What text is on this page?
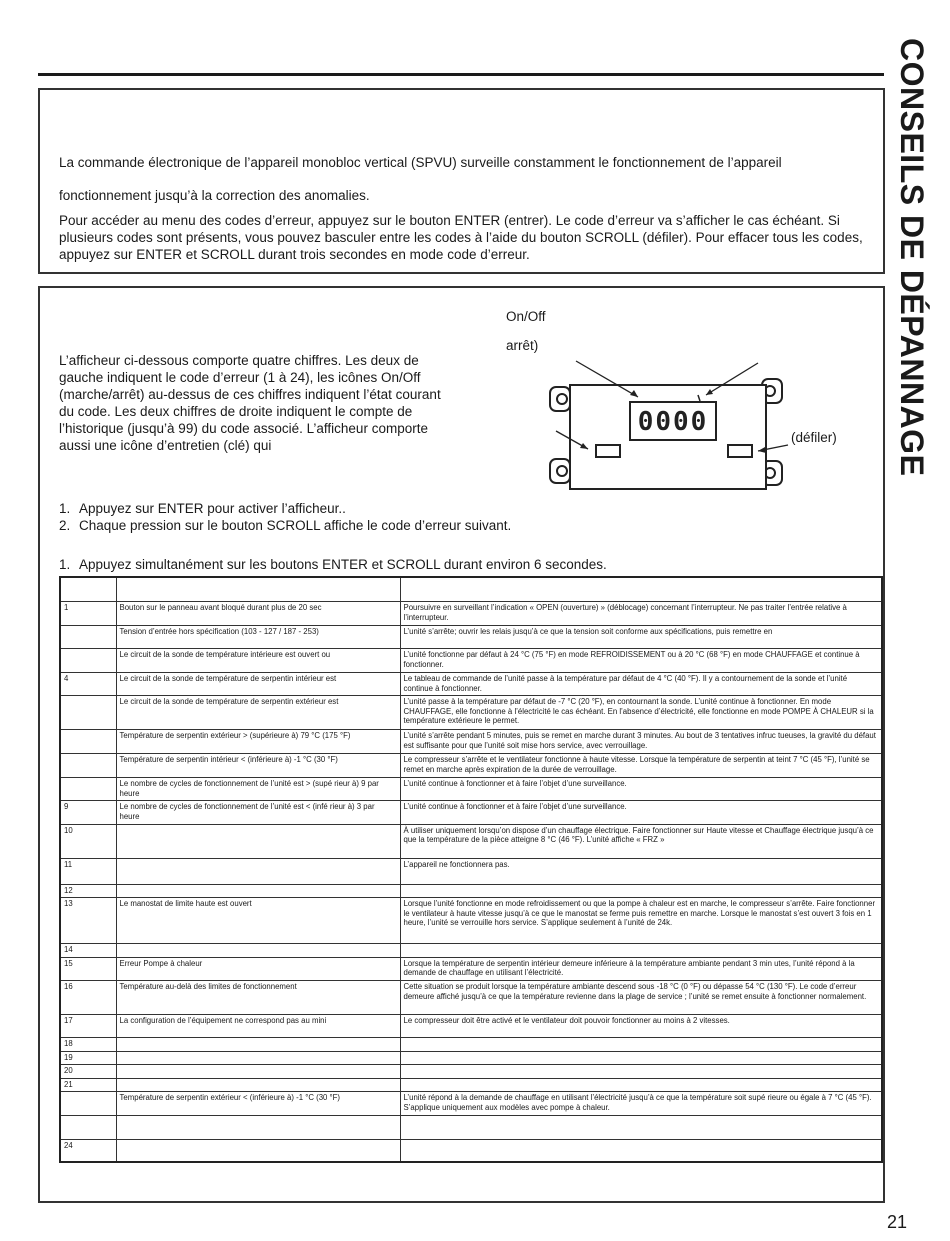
CONSEILS DE DÉPANNAGE

La commande électronique de l’appareil monobloc vertical (SPVU) surveille constamment le fonctionnement de l’appareil

fonctionnement jusqu’à la correction des anomalies.

Pour accéder au menu des codes d’erreur, appuyez sur le bouton ENTER (entrer). Le code d’erreur va s’afficher le cas échéant. Si plusieurs codes sont présents, vous pouvez basculer entre les codes à l’aide du bouton SCROLL (défiler). Pour effacer tous les codes, appuyez sur ENTER et SCROLL durant trois secondes en mode code d’erreur.

L’afficheur ci-dessous comporte quatre chiffres. Les deux de gauche indiquent le code d’erreur (1 à 24), les icônes On/Off (marche/arrêt) au-dessus de ces chiffres indiquent l’état courant du code. Les deux chiffres de droite indiquent le compte de l’historique (jusqu’à 99) du code associé. L’afficheur comporte aussi une icône d’entretien (clé) qui

On/Off
arrêt)
(défiler)
0000
1. Appuyez sur ENTER pour activer l’afficheur..
2. Chaque pression sur le bouton SCROLL affiche le code d’erreur suivant.
1. Appuyez simultanément sur les boutons ENTER et SCROLL durant environ 6 secondes.

1	Bouton sur le panneau avant bloqué durant plus de 20 sec	Poursuivre en surveillant l’indication « OPEN (ouverture) » (déblocage) concernant l’interrupteur. Ne pas traiter l’entrée relative à l’interrupteur.
	Tension d’entrée hors spécification (103 - 127 / 187 - 253)	L’unité s’arrête; ouvrir les relais jusqu’à ce que la tension soit conforme aux spécifications, puis remettre en
	Le circuit de la sonde de température intérieure est ouvert ou	L’unité fonctionne par défaut à 24 °C (75 °F) en mode REFROIDISSEMENT ou à 20 °C (68 °F) en mode CHAUFFAGE et continue à fonctionner.
4	Le circuit de la sonde de température de serpentin intérieur est	Le tableau de commande de l’unité passe à la température par défaut de 4 °C (40 °F). Il y a contournement de la sonde et l’unité continue à fonctionner.
	Le circuit de la sonde de température de serpentin extérieur est	L’unité passe à la température par défaut de -7 °C (20 °F), en contournant la sonde. L’unité continue à fonctionner. En mode CHAUFFAGE, elle fonctionne à l’électricité le cas échéant. En l’absence d’électricité, elle fonctionne en mode POMPE À CHALEUR si la température extérieure le permet.
	Température de serpentin extérieur > (supérieure à) 79 °C (175 °F)	L’unité s’arrête pendant 5 minutes, puis se remet en marche durant 3 minutes. Au bout de 3 tentatives infruc tueuses, la gravité du défaut est suffisante pour que l’unité soit mise hors service, avec verrouillage.
	Température de serpentin intérieur < (inférieure à) -1 °C (30 °F)	Le compresseur s’arrête et le ventilateur fonctionne à haute vitesse. Lorsque la température de serpentin at teint 7 °C (45 °F), l’unité se remet en marche après expiration de la durée de verrouillage.
	Le nombre de cycles de fonctionnement de l’unité est > (supé rieur à) 9 par heure	L’unité continue à fonctionner et à faire l’objet d’une surveillance.
9	Le nombre de cycles de fonctionnement de l’unité est < (infé rieur à) 3 par heure	L’unité continue à fonctionner et à faire l’objet d’une surveillance.
10		À utiliser uniquement lorsqu’on dispose d’un chauffage électrique. Faire fonctionner sur Haute vitesse et Chauffage électrique jusqu’à ce que la température de la pièce atteigne 8 °C (46 °F). L’unité affiche « FRZ »
11		L’appareil ne fonctionnera pas.
12		
13	Le manostat de limite haute est ouvert	Lorsque l’unité fonctionne en mode refroidissement ou que la pompe à chaleur est en marche, le compresseur s’arrête. Faire fonctionner le ventilateur à haute vitesse jusqu’à ce que le manostat se ferme puis remettre en marche. Lorsque le manostat s’est ouvert 3 fois en 1 heure, l’unité se verrouille hors service. S’applique seulement à l’unité de 24k.
14		
15	Erreur Pompe à chaleur	Lorsque la température de serpentin intérieur demeure inférieure à la température ambiante pendant 3 min utes, l’unité répond à la demande de chauffage en utilisant l’électricité.
16	Température au-delà des limites de fonctionnement	Cette situation se produit lorsque la température ambiante descend sous -18 °C (0 °F) ou dépasse 54 °C (130 °F). Le code d’erreur demeure affiché jusqu’à ce que la température revienne dans la plage de service ; l’unité se remet ensuite à fonctionner normalement.
17	La configuration de l’équipement ne correspond pas au mini	Le compresseur doit être activé et le ventilateur doit pouvoir fonctionner au moins à 2 vitesses.
18		
19		
20		
21		
	Température de serpentin extérieur < (inférieure à) -1 °C (30 °F)	L’unité répond à la demande de chauffage en utilisant l’électricité jusqu’à ce que la température soit supé rieure ou égale à 7 °C (45 °F). S’applique uniquement aux modèles avec pompe à chaleur.

24		
21
